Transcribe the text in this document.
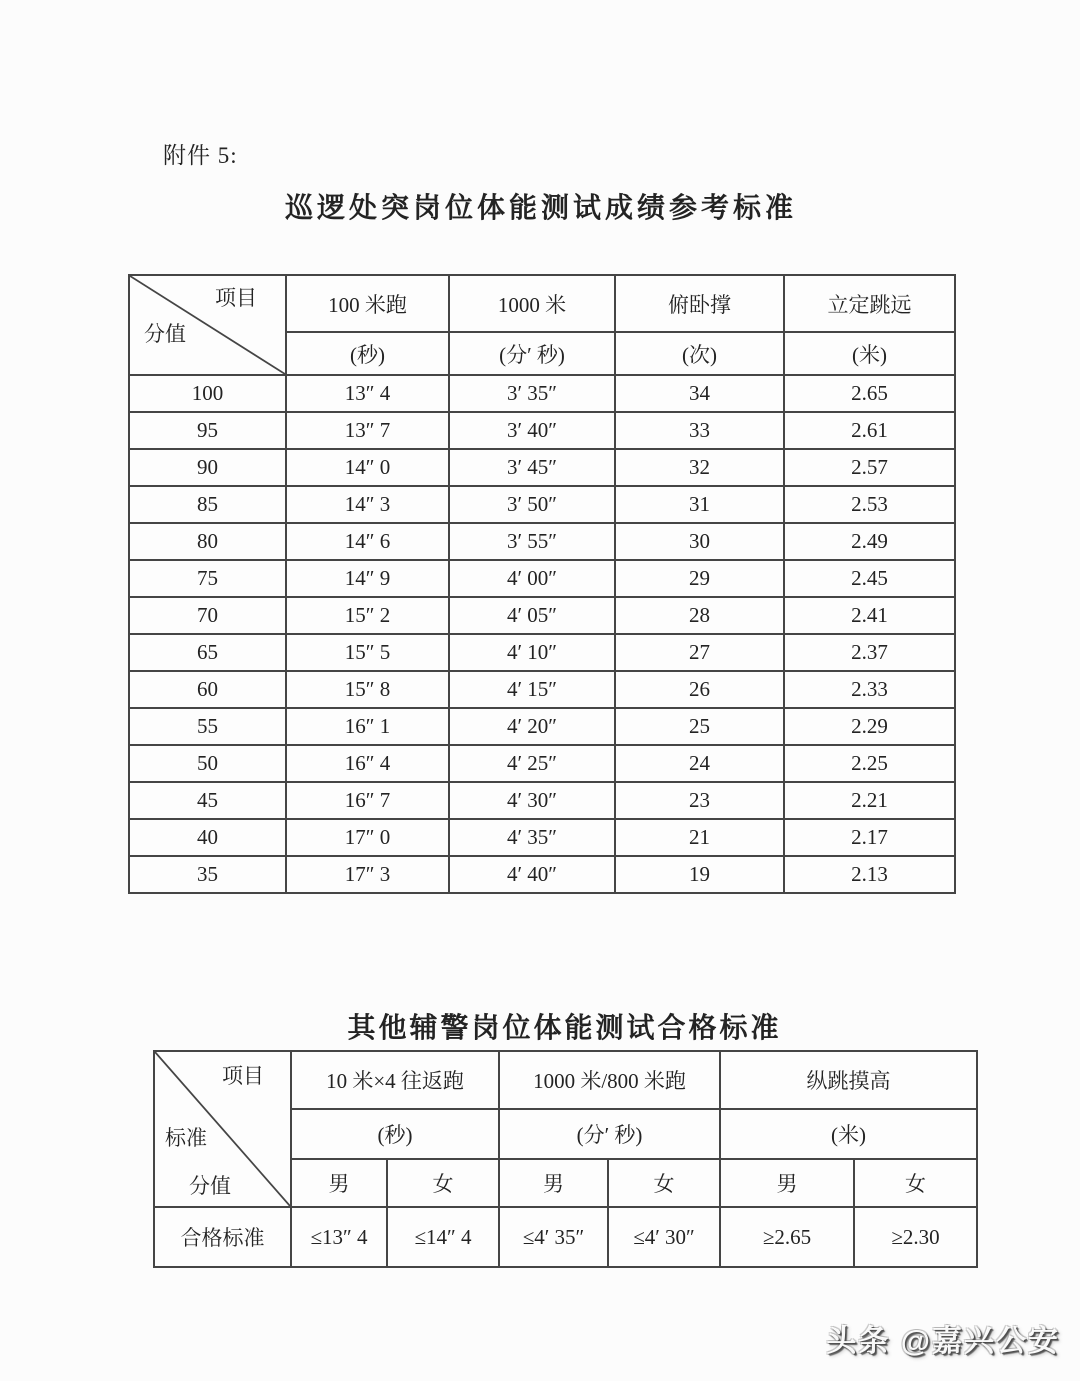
附件 5:
巡逻处突岗位体能测试成绩参考标准
项目
分值	100 米跑	1000 米	俯卧撑	立定跳远
	(秒)	(分′ 秒)	(次)	(米)
100	13″ 4	3′ 35″	34	2.65
95	13″ 7	3′ 40″	33	2.61
90	14″ 0	3′ 45″	32	2.57
85	14″ 3	3′ 50″	31	2.53
80	14″ 6	3′ 55″	30	2.49
75	14″ 9	4′ 00″	29	2.45
70	15″ 2	4′ 05″	28	2.41
65	15″ 5	4′ 10″	27	2.37
60	15″ 8	4′ 15″	26	2.33
55	16″ 1	4′ 20″	25	2.29
50	16″ 4	4′ 25″	24	2.25
45	16″ 7	4′ 30″	23	2.21
40	17″ 0	4′ 35″	21	2.17
35	17″ 3	4′ 40″	19	2.13
其他辅警岗位体能测试合格标准
项目
标准
分值	10 米×4 往返跑		1000 米/800 米跑		纵跳摸高	
	(秒)		(分′ 秒)		(米)	
	男	女	男	女	男	女
合格标准	≤13″ 4	≤14″ 4	≤4′ 35″	≤4′ 30″	≥2.65	≥2.30
头条 @嘉兴公安
